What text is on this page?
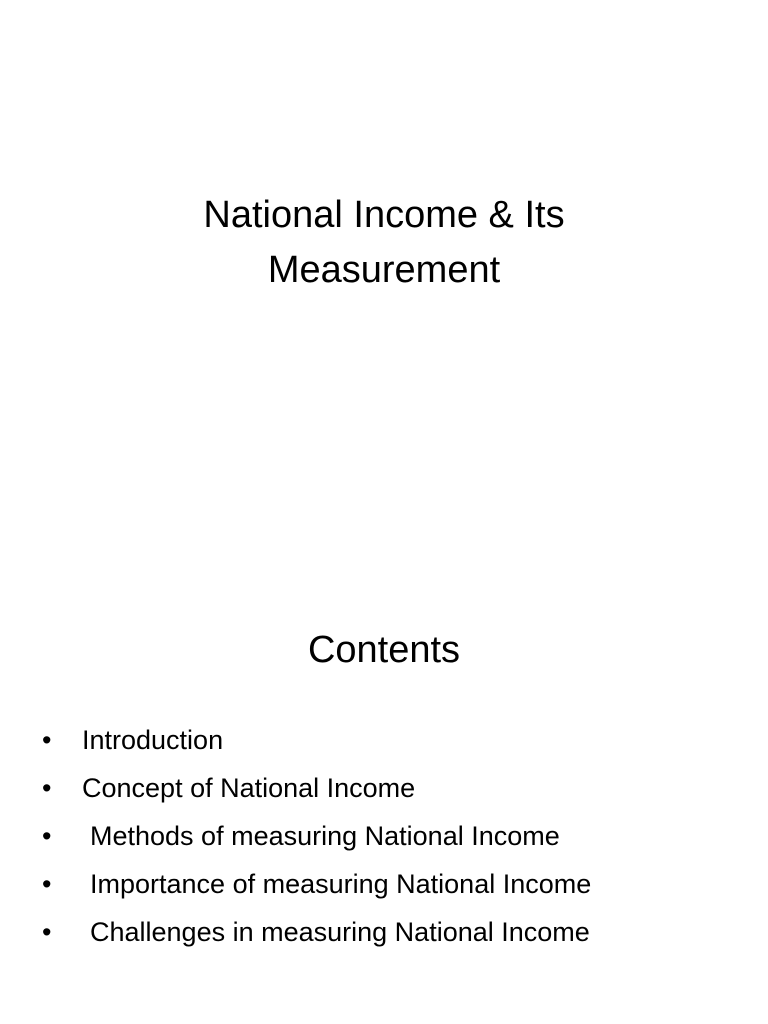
National Income & Its
Measurement
Contents
•	Introduction
•	Concept of National Income
•	Methods of measuring National Income
•	Importance of measuring National Income
•	Challenges in measuring National Income
